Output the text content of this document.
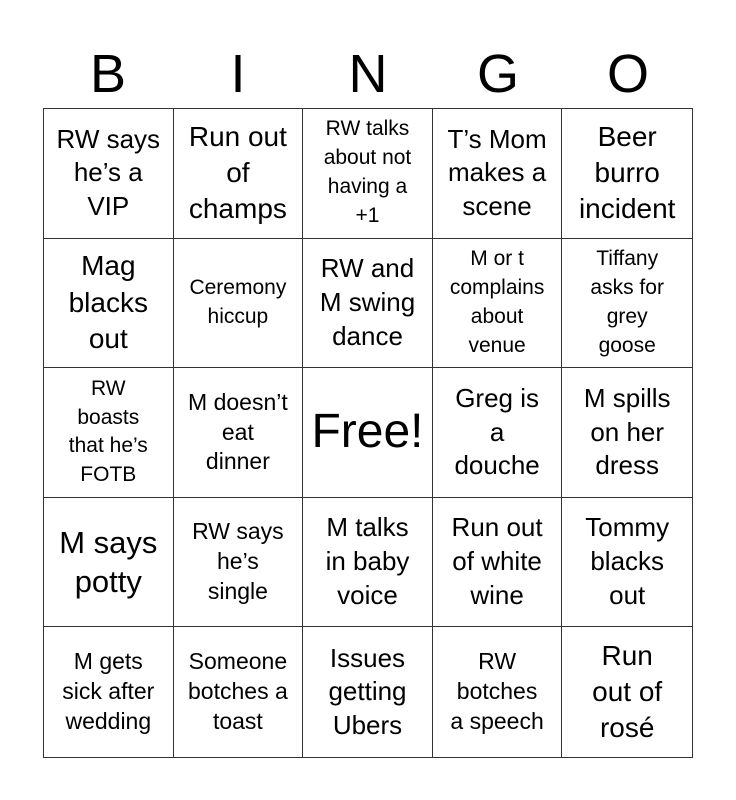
B	I	N	G	O
RW says
he’s a
VIP
Run out
of
champs
RW talks
about not
having a
+1
T’s Mom
makes a
scene
Beer
burro
incident
Mag
blacks
out
Ceremony
hiccup
RW and
M swing
dance
M or t
complains
about
venue
Tiffany
asks for
grey
goose
RW
boasts
that he’s
FOTB
M doesn’t
eat
dinner
Free!
Greg is
a
douche
M spills
on her
dress
M says
potty
RW says
he’s
single
M talks
in baby
voice
Run out
of white
wine
Tommy
blacks
out
M gets
sick after
wedding
Someone
botches a
toast
Issues
getting
Ubers
RW
botches
a speech
Run
out of
rosé
